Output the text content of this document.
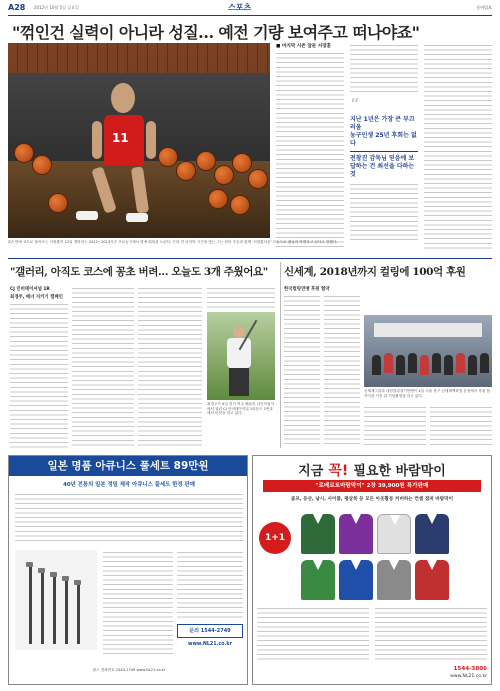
A28 2012년 10월 5일 금요일	스포츠	동아일보
"꺾인건 실력이 아니라 성질… 예전 기량 보여주고 떠나야죠"
11
■ 마지막 시즌 앞둔 서장훈
“
지난 1년은 가장 큰 부끄러움
농구인생 25년 후회는 없다
전창진 감독님 믿음에 보답하는 건 최선을 다하는 것
2년 만에 코트로 돌아오는 서장훈이 12일 개막하는 2012~2013시즌 프로농구에서 명예 회복을 노린다. 은퇴 전 마지막 시즌을 맞는 그는 팀의 우승과 함께 '서장훈다운' 모습으로 팬들과 작별하고 싶다고 말했다.
"갤러리, 아직도 코스에 꽁초 버려… 오늘도 3개 주웠어요"
CJ 인비테이셔널 1R
최경주, 매너 지키기 캠페인
최경주가 4일 경기 여주 해슬리 나인브릿지에서 열린 CJ 인비테이셔널 1라운드 1번홀에서 티샷을 하고 있다.
신세계, 2018년까지 컬링에 100억 후원
한국컬링연맹 후원 협약
신세계그룹과 대한컬링경기연맹이 4일 서울 중구 신세계백화점 본점에서 후원 협약식을 가진 뒤 기념촬영을 하고 있다.
일본 명품 아큐니스 풀세트 89만원
40년 전통의 일본 정밀 제작 아큐니스 풀세트 한정 판매
문의 1544-2749
www.NL21.co.kr
몰스 전화번호 1544-2749 www.NL21.co.kr
지금 꼭! 필요한 바람막이
"로베르토바람막이" 2장 39,900원 특가판매
골프, 등산, 낚시, 사이클, 평상복 등 모든 아웃활동 커버하는 컨셉 점퍼 바람막이
1+1
1544-3806
www.NL21.co.kr
